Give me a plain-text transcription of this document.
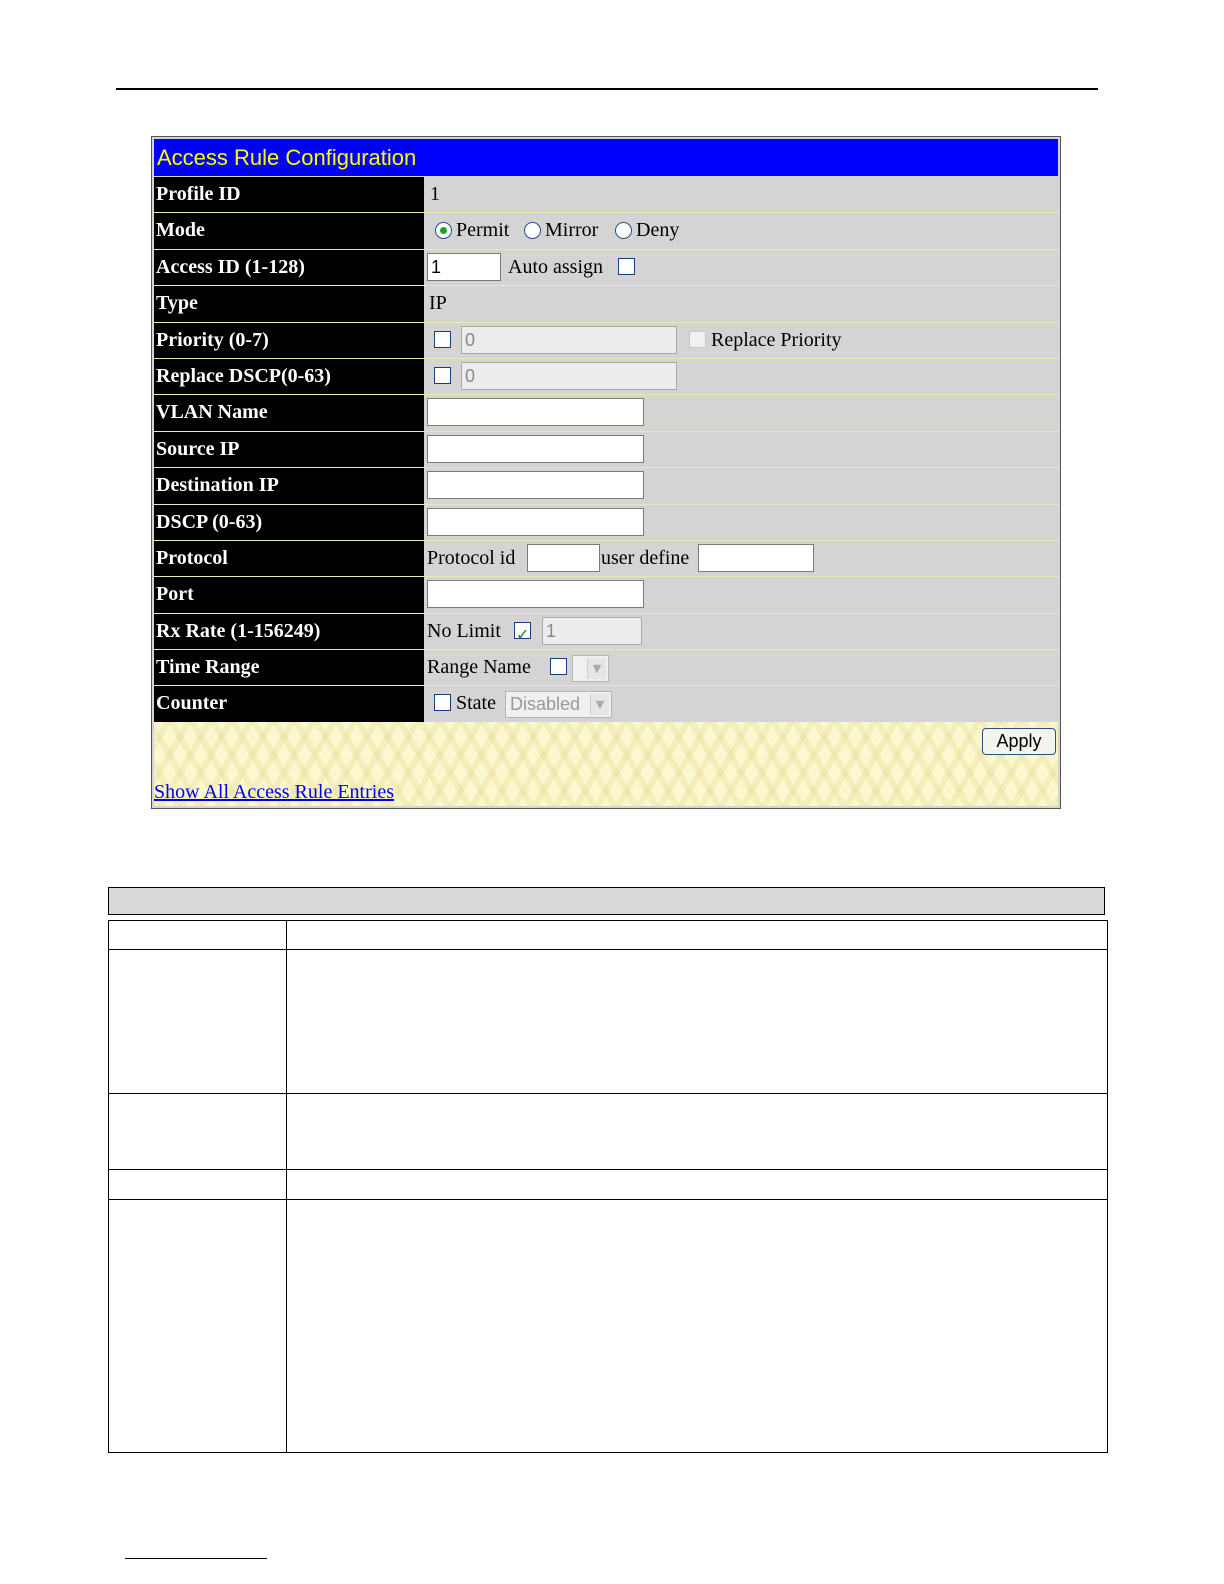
Access Rule Configuration
Profile ID	1
Mode	Permit Mirror Deny
Access ID (1-128)	1	Auto assign
Type	IP
Priority (0-7)	0	Replace Priority
Replace DSCP(0-63)	0
VLAN Name
Source IP
Destination IP
DSCP (0-63)
Protocol	Protocol id	user define
Port
Rx Rate (1-156249)	No Limit
✓	1
Time Range	Range Name	▼
Counter	State Disabled	▼
Apply
Show All Access Rule Entries
